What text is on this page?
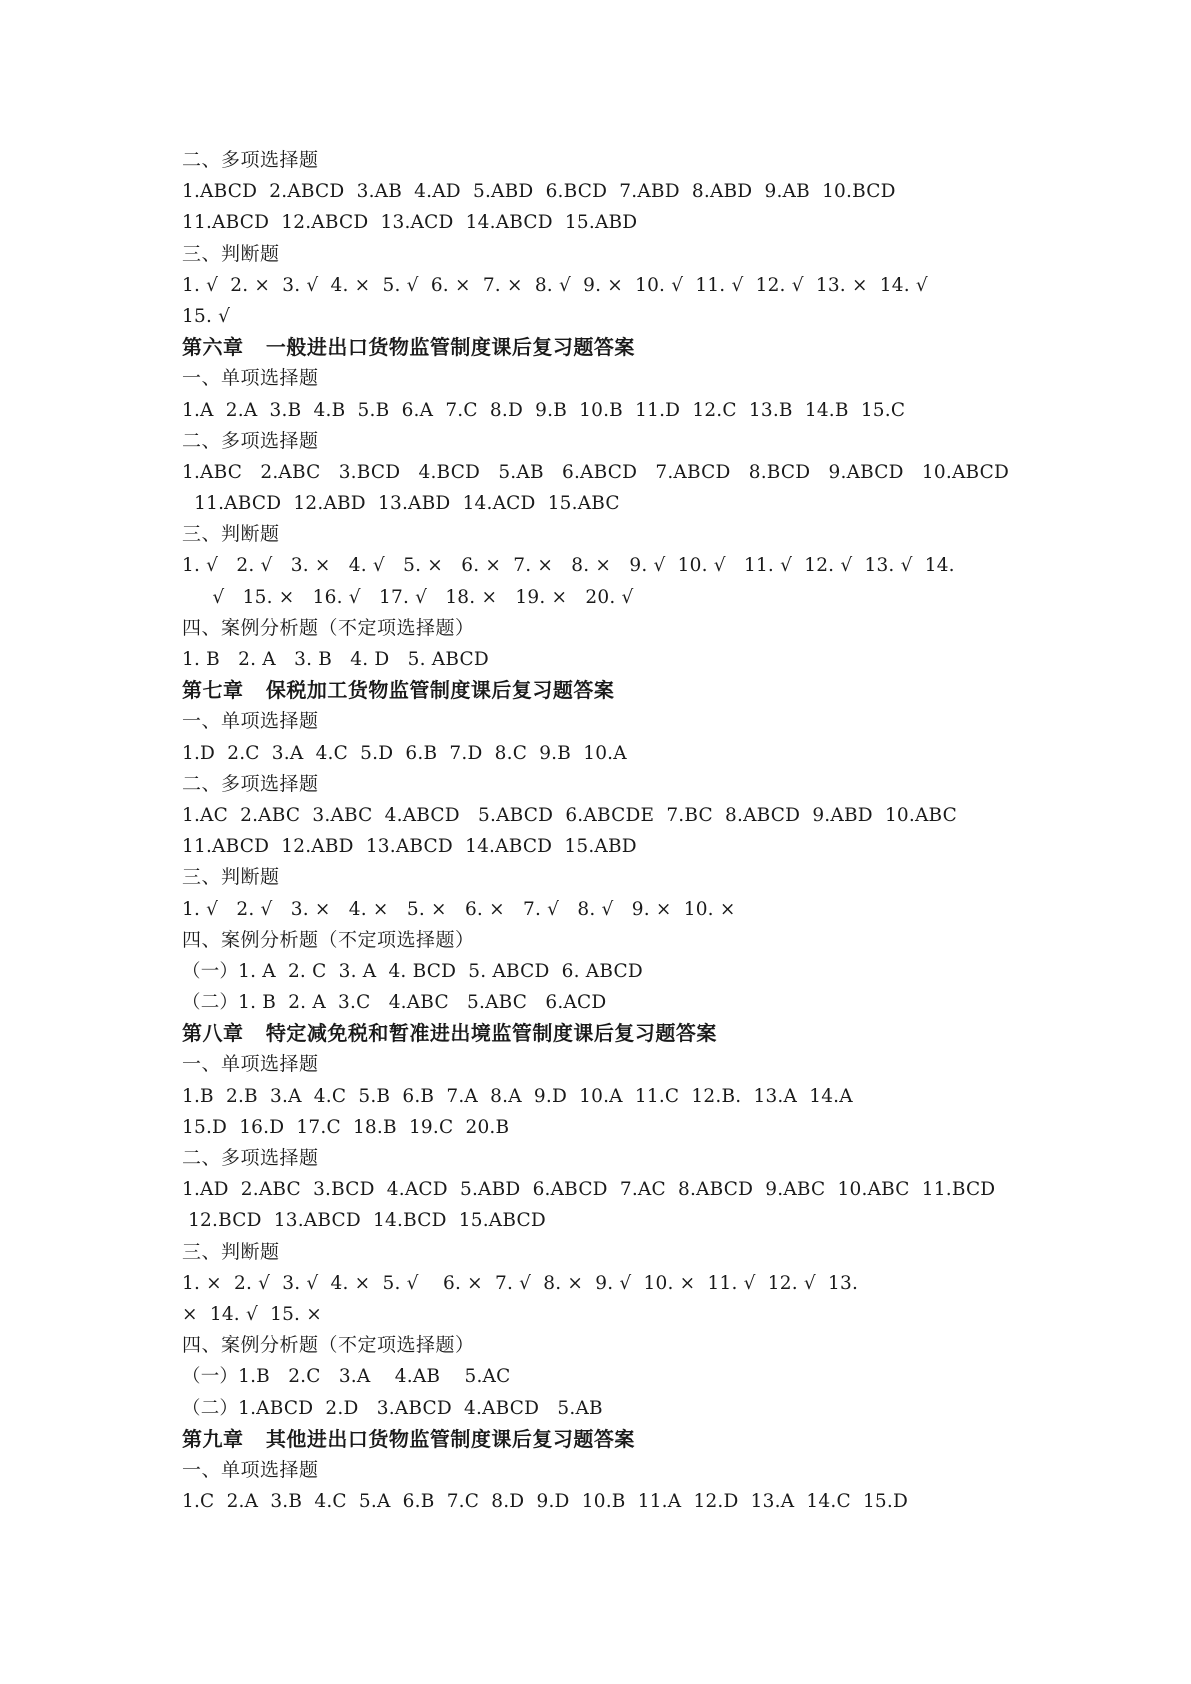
二、多项选择题
1.ABCD  2.ABCD  3.AB  4.AD  5.ABD  6.BCD  7.ABD  8.ABD  9.AB  10.BCD
11.ABCD  12.ABCD  13.ACD  14.ABCD  15.ABD
三、判断题
1. √  2. ×  3. √  4. ×  5. √  6. ×  7. ×  8. √  9. ×  10. √  11. √  12. √  13. ×  14. √
15. √
第六章   一般进出口货物监管制度课后复习题答案
一、单项选择题
1.A  2.A  3.B  4.B  5.B  6.A  7.C  8.D  9.B  10.B  11.D  12.C  13.B  14.B  15.C
二、多项选择题
1.ABC   2.ABC   3.BCD   4.BCD   5.AB   6.ABCD   7.ABCD   8.BCD   9.ABCD   10.ABCD
11.ABCD  12.ABD  13.ABD  14.ACD  15.ABC
三、判断题
1. √   2. √   3. ×   4. √   5. ×   6. ×  7. ×   8. ×   9. √  10. √   11. √  12. √  13. √  14.
√   15. ×   16. √   17. √   18. ×   19. ×   20. √
四、案例分析题（不定项选择题）
1. B   2. A   3. B   4. D   5. ABCD
第七章   保税加工货物监管制度课后复习题答案
一、单项选择题
1.D  2.C  3.A  4.C  5.D  6.B  7.D  8.C  9.B  10.A
二、多项选择题
1.AC  2.ABC  3.ABC  4.ABCD   5.ABCD  6.ABCDE  7.BC  8.ABCD  9.ABD  10.ABC
11.ABCD  12.ABD  13.ABCD  14.ABCD  15.ABD
三、判断题
1. √   2. √   3. ×   4. ×   5. ×   6. ×   7. √   8. √   9. ×  10. ×
四、案例分析题（不定项选择题）
（一）1. A  2. C  3. A  4. BCD  5. ABCD  6. ABCD
（二）1. B  2. A  3.C   4.ABC   5.ABC   6.ACD
第八章   特定减免税和暂准进出境监管制度课后复习题答案
一、单项选择题
1.B  2.B  3.A  4.C  5.B  6.B  7.A  8.A  9.D  10.A  11.C  12.B.  13.A  14.A
15.D  16.D  17.C  18.B  19.C  20.B
二、多项选择题
1.AD  2.ABC  3.BCD  4.ACD  5.ABD  6.ABCD  7.AC  8.ABCD  9.ABC  10.ABC  11.BCD
12.BCD  13.ABCD  14.BCD  15.ABCD
三、判断题
1. ×  2. √  3. √  4. ×  5. √    6. ×  7. √  8. ×  9. √  10. ×  11. √  12. √  13.
×  14. √  15. ×
四、案例分析题（不定项选择题）
（一）1.B   2.C   3.A    4.AB    5.AC
（二）1.ABCD  2.D   3.ABCD  4.ABCD   5.AB
第九章   其他进出口货物监管制度课后复习题答案
一、单项选择题
1.C  2.A  3.B  4.C  5.A  6.B  7.C  8.D  9.D  10.B  11.A  12.D  13.A  14.C  15.D
